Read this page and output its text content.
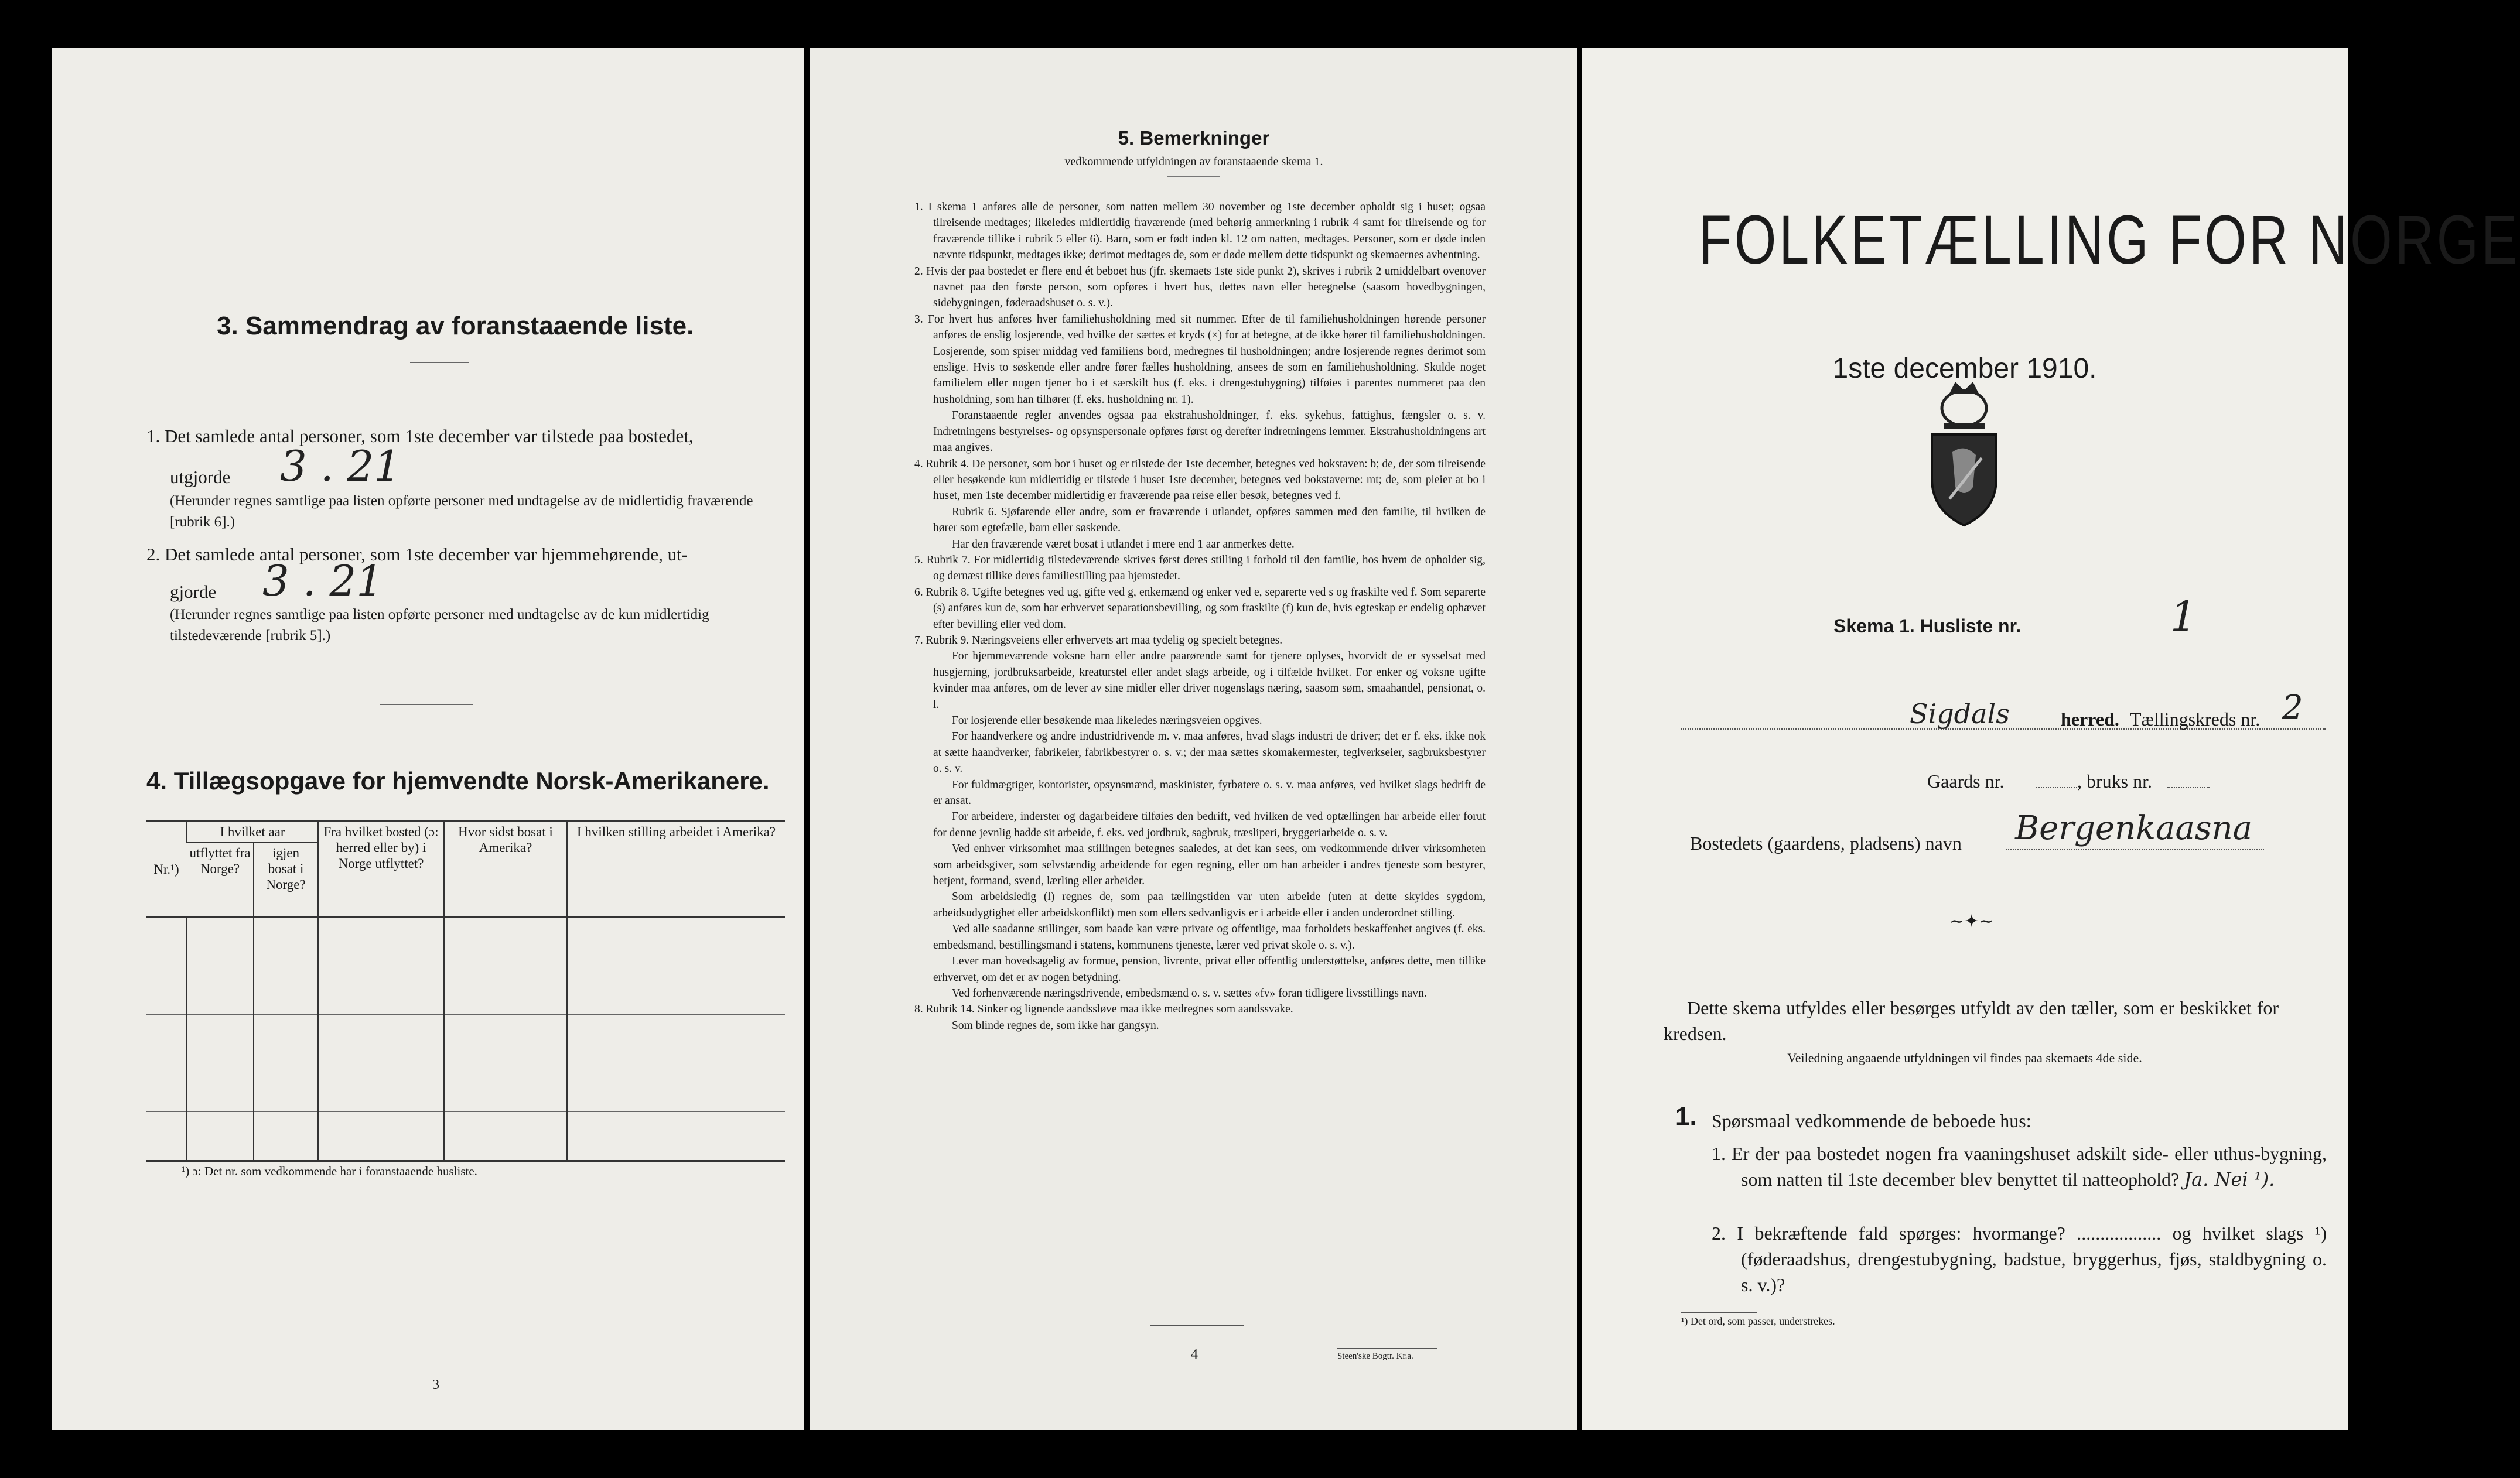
3. Sammendrag av foranstaaende liste.
1. Det samlede antal personer, som 1ste december var tilstede paa bostedet,
utgjorde 3 . 21
(Herunder regnes samtlige paa listen opførte personer med undtagelse av de midlertidig fraværende [rubrik 6].)
2. Det samlede antal personer, som 1ste december var hjemmehørende, ut-
gjorde 3 . 21
(Herunder regnes samtlige paa listen opførte personer med undtagelse av de kun midlertidig tilstedeværende [rubrik 5].)
4. Tillægsopgave for hjemvendte Norsk-Amerikanere.
Nr.¹)	I hvilket aar		Fra hvilket bosted (ɔ: herred eller by) i Norge utflyttet?	Hvor sidst bosat i Amerika?	I hvilken stilling arbeidet i Amerika?
	utflyttet fra Norge?	igjen bosat i Norge?			

¹) ɔ: Det nr. som vedkommende har i foranstaaende husliste.
3
5. Bemerkninger
vedkommende utfyldningen av foranstaaende skema 1.

1. I skema 1 anføres alle de personer, som natten mellem 30 november og 1ste december opholdt sig i huset; ogsaa tilreisende medtages; likeledes midlertidig fraværende (med behørig anmerkning i rubrik 4 samt for tilreisende og for fraværende tillike i rubrik 5 eller 6). Barn, som er født inden kl. 12 om natten, medtages. Personer, som er døde inden nævnte tidspunkt, medtages ikke; derimot medtages de, som er døde mellem dette tidspunkt og skemaernes avhentning.

2. Hvis der paa bostedet er flere end ét beboet hus (jfr. skemaets 1ste side punkt 2), skrives i rubrik 2 umiddelbart ovenover navnet paa den første person, som opføres i hvert hus, dettes navn eller betegnelse (saasom hovedbygningen, sidebygningen, føderaadshuset o. s. v.).

3. For hvert hus anføres hver familiehusholdning med sit nummer. Efter de til familiehusholdningen hørende personer anføres de enslig losjerende, ved hvilke der sættes et kryds (×) for at betegne, at de ikke hører til familiehusholdningen. Losjerende, som spiser middag ved familiens bord, medregnes til husholdningen; andre losjerende regnes derimot som enslige. Hvis to søskende eller andre fører fælles husholdning, ansees de som en familiehusholdning. Skulde noget familielem eller nogen tjener bo i et særskilt hus (f. eks. i drengestubygning) tilføies i parentes nummeret paa den husholdning, som han tilhører (f. eks. husholdning nr. 1).

Foranstaaende regler anvendes ogsaa paa ekstrahusholdninger, f. eks. sykehus, fattighus, fængsler o. s. v. Indretningens bestyrelses- og opsynspersonale opføres først og derefter indretningens lemmer. Ekstrahusholdningens art maa angives.

4. Rubrik 4. De personer, som bor i huset og er tilstede der 1ste december, betegnes ved bokstaven: b; de, der som tilreisende eller besøkende kun midlertidig er tilstede i huset 1ste december, betegnes ved bokstaverne: mt; de, som pleier at bo i huset, men 1ste december midlertidig er fraværende paa reise eller besøk, betegnes ved f.

Rubrik 6. Sjøfarende eller andre, som er fraværende i utlandet, opføres sammen med den familie, til hvilken de hører som egtefælle, barn eller søskende.

Har den fraværende været bosat i utlandet i mere end 1 aar anmerkes dette.

5. Rubrik 7. For midlertidig tilstedeværende skrives først deres stilling i forhold til den familie, hos hvem de opholder sig, og dernæst tillike deres familiestilling paa hjemstedet.

6. Rubrik 8. Ugifte betegnes ved ug, gifte ved g, enkemænd og enker ved e, separerte ved s og fraskilte ved f. Som separerte (s) anføres kun de, som har erhvervet separationsbevilling, og som fraskilte (f) kun de, hvis egteskap er endelig ophævet efter bevilling eller ved dom.

7. Rubrik 9. Næringsveiens eller erhvervets art maa tydelig og specielt betegnes.

For hjemmeværende voksne barn eller andre paarørende samt for tjenere oplyses, hvorvidt de er sysselsat med husgjerning, jordbruksarbeide, kreaturstel eller andet slags arbeide, og i tilfælde hvilket. For enker og voksne ugifte kvinder maa anføres, om de lever av sine midler eller driver nogenslags næring, saasom søm, smaahandel, pensionat, o. l.

For losjerende eller besøkende maa likeledes næringsveien opgives.

For haandverkere og andre industridrivende m. v. maa anføres, hvad slags industri de driver; det er f. eks. ikke nok at sætte haandverker, fabrikeier, fabrikbestyrer o. s. v.; der maa sættes skomakermester, teglverkseier, sagbruksbestyrer o. s. v.

For fuldmægtiger, kontorister, opsynsmænd, maskinister, fyrbøtere o. s. v. maa anføres, ved hvilket slags bedrift de er ansat.

For arbeidere, inderster og dagarbeidere tilføies den bedrift, ved hvilken de ved optællingen har arbeide eller forut for denne jevnlig hadde sit arbeide, f. eks. ved jordbruk, sagbruk, træsliperi, bryggeriarbeide o. s. v.

Ved enhver virksomhet maa stillingen betegnes saaledes, at det kan sees, om vedkommende driver virksomheten som arbeidsgiver, som selvstændig arbeidende for egen regning, eller om han arbeider i andres tjeneste som bestyrer, betjent, formand, svend, lærling eller arbeider.

Som arbeidsledig (l) regnes de, som paa tællingstiden var uten arbeide (uten at dette skyldes sygdom, arbeidsudygtighet eller arbeidskonflikt) men som ellers sedvanligvis er i arbeide eller i anden underordnet stilling.

Ved alle saadanne stillinger, som baade kan være private og offentlige, maa forholdets beskaffenhet angives (f. eks. embedsmand, bestillingsmand i statens, kommunens tjeneste, lærer ved privat skole o. s. v.).

Lever man hovedsagelig av formue, pension, livrente, privat eller offentlig understøttelse, anføres dette, men tillike erhvervet, om det er av nogen betydning.

Ved forhenværende næringsdrivende, embedsmænd o. s. v. sættes «fv» foran tidligere livsstillings navn.

8. Rubrik 14. Sinker og lignende aandssløve maa ikke medregnes som aandssvake.

Som blinde regnes de, som ikke har gangsyn.

4	Steen'ske Bogtr. Kr.a.
FOLKETÆLLING FOR NORGE
1ste december 1910.
Skema 1. Husliste nr.	1
Sigdals	herred. Tællingskreds nr. 2
Gaards nr.	, bruks nr.
Bostedets (gaardens, pladsens) navn Bergenkaasna
∼✦∼
Dette skema utfyldes eller besørges utfyldt av den tæller, som er beskikket for kredsen.
Veiledning angaaende utfyldningen vil findes paa skemaets 4de side.
1. Spørsmaal vedkommende de beboede hus:
1. Er der paa bostedet nogen fra vaaningshuset adskilt side- eller uthus-bygning, som natten til 1ste december blev benyttet til natteophold? Ja. Nei ¹).
2. I bekræftende fald spørges: hvormange? .................. og hvilket slags ¹) (føderaadshus, drengestubygning, badstue, bryggerhus, fjøs, staldbygning o. s. v.)?
¹) Det ord, som passer, understrekes.
